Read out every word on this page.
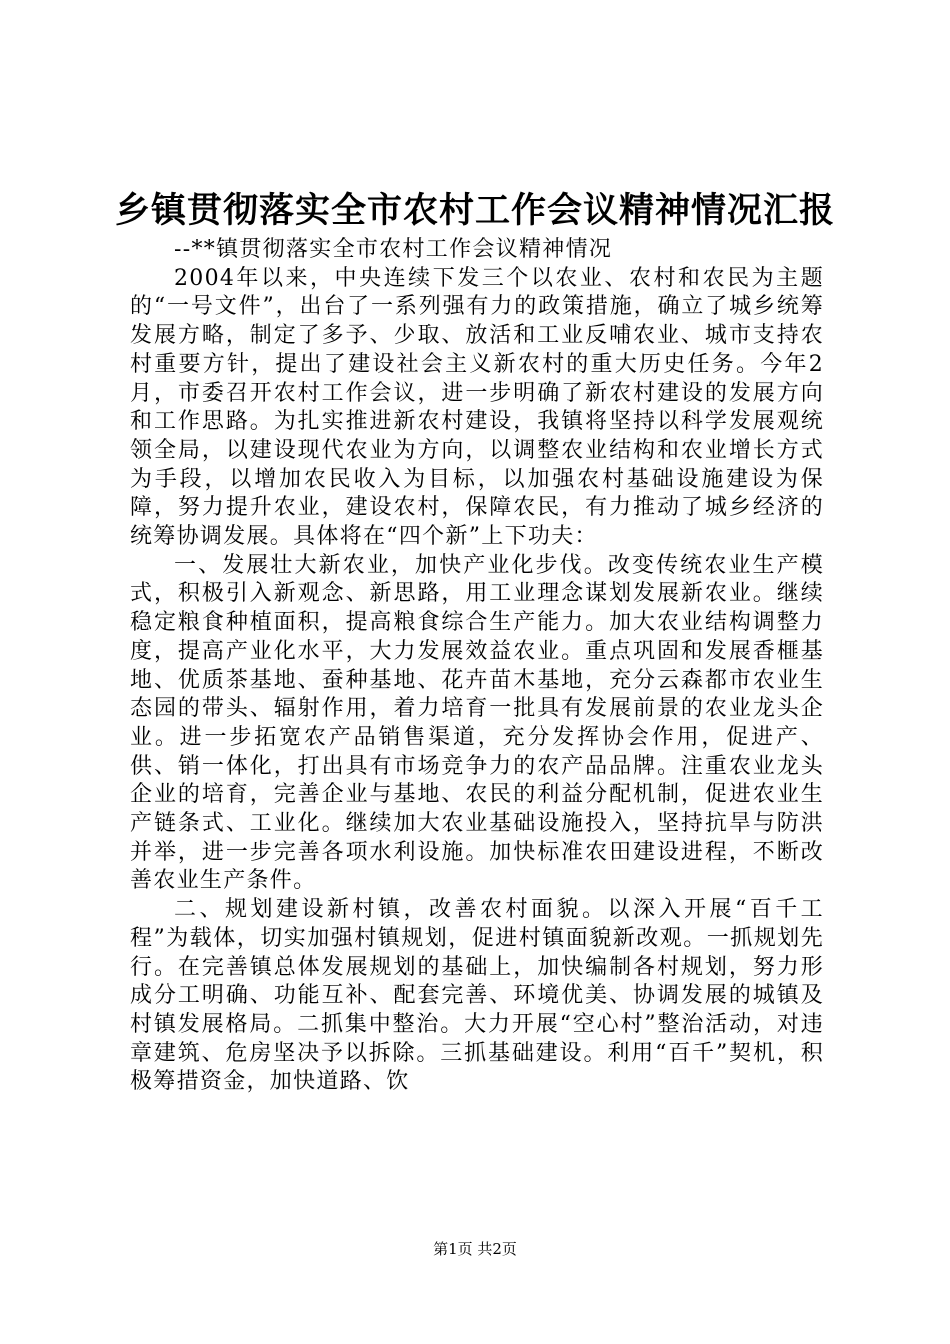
乡镇贯彻落实全市农村工作会议精神情况汇报

--**镇贯彻落实全市农村工作会议精神情况

2004年以来，中央连续下发三个以农业、农村和农民为主题的“一号文件”，出台了一系列强有力的政策措施，确立了城乡统筹发展方略，制定了多予、少取、放活和工业反哺农业、城市支持农村重要方针，提出了建设社会主义新农村的重大历史任务。今年2月，市委召开农村工作会议，进一步明确了新农村建设的发展方向和工作思路。为扎实推进新农村建设，我镇将坚持以科学发展观统领全局，以建设现代农业为方向，以调整农业结构和农业增长方式为手段，以增加农民收入为目标，以加强农村基础设施建设为保障，努力提升农业，建设农村，保障农民，有力推动了城乡经济的统筹协调发展。具体将在“四个新”上下功夫：

一、发展壮大新农业，加快产业化步伐。改变传统农业生产模式，积极引入新观念、新思路，用工业理念谋划发展新农业。继续稳定粮食种植面积，提高粮食综合生产能力。加大农业结构调整力度，提高产业化水平，大力发展效益农业。重点巩固和发展香榧基地、优质茶基地、蚕种基地、花卉苗木基地，充分云森都市农业生态园的带头、辐射作用，着力培育一批具有发展前景的农业龙头企业。进一步拓宽农产品销售渠道，充分发挥协会作用，促进产、供、销一体化，打出具有市场竞争力的农产品品牌。注重农业龙头企业的培育，完善企业与基地、农民的利益分配机制，促进农业生产链条式、工业化。继续加大农业基础设施投入，坚持抗旱与防洪并举，进一步完善各项水利设施。加快标准农田建设进程，不断改善农业生产条件。

二、规划建设新村镇，改善农村面貌。以深入开展“百千工程”为载体，切实加强村镇规划，促进村镇面貌新改观。一抓规划先行。在完善镇总体发展规划的基础上，加快编制各村规划，努力形成分工明确、功能互补、配套完善、环境优美、协调发展的城镇及村镇发展格局。二抓集中整治。大力开展“空心村”整治活动，对违章建筑、危房坚决予以拆除。三抓基础建设。利用“百千”契机，积极筹措资金，加快道路、饮

第1页 共2页
